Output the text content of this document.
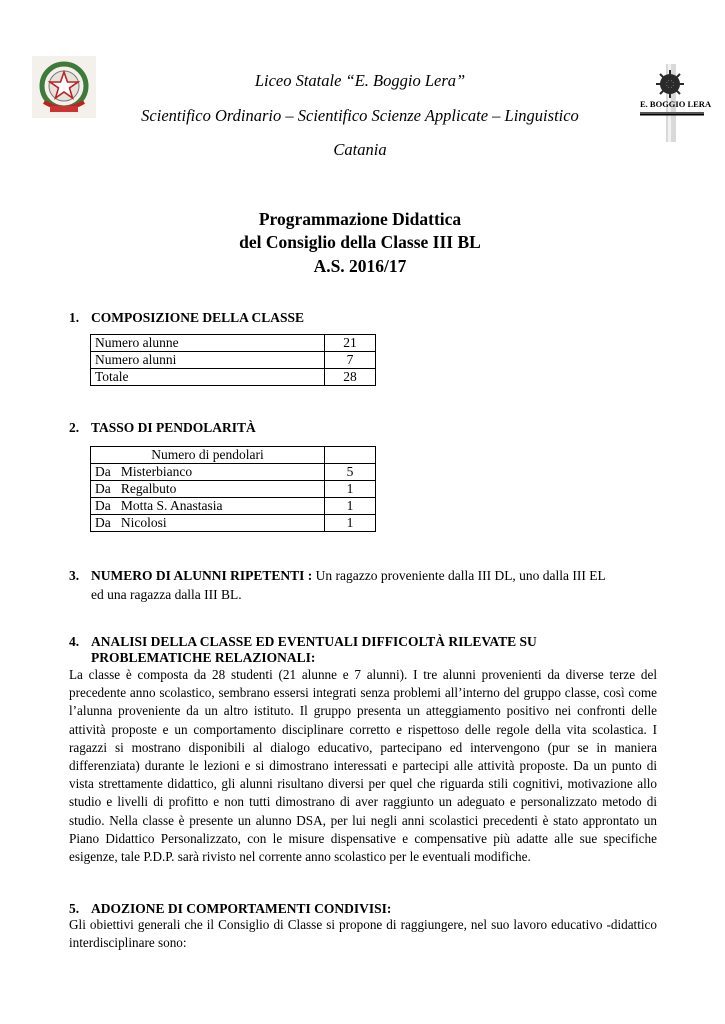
E. BOGGIO LERA
Liceo Statale “E. Boggio Lera”
Scientifico Ordinario – Scientifico Scienze Applicate – Linguistico
Catania
Programmazione Didattica
del Consiglio della Classe III BL
A.S. 2016/17
1. COMPOSIZIONE DELLA CLASSE
Numero alunne	21
Numero alunni	7
Totale	28
2. TASSO DI PENDOLARITÀ
Numero di pendolari	
Da Misterbianco	5
Da Regalbuto	1
Da Motta S. Anastasia	1
Da Nicolosi	1
3. NUMERO DI ALUNNI RIPETENTI : Un ragazzo proveniente dalla III DL, uno dalla III EL
ed una ragazza dalla III BL.
4. ANALISI DELLA CLASSE ED EVENTUALI DIFFICOLTÀ RILEVATE SU
PROBLEMATICHE RELAZIONALI:
La classe è composta da 28 studenti (21 alunne e 7 alunni). I tre alunni provenienti da diverse terze del precedente anno scolastico, sembrano essersi integrati senza problemi all’interno del gruppo classe, così come l’alunna proveniente da un altro istituto. Il gruppo presenta un atteggiamento positivo nei confronti delle attività proposte e un comportamento disciplinare corretto e rispettoso delle regole della vita scolastica. I ragazzi si mostrano disponibili al dialogo educativo, partecipano ed intervengono (pur se in maniera differenziata) durante le lezioni e si dimostrano interessati e partecipi alle attività proposte. Da un punto di vista strettamente didattico, gli alunni risultano diversi per quel che riguarda stili cognitivi, motivazione allo studio e livelli di profitto e non tutti dimostrano di aver raggiunto un adeguato e personalizzato metodo di studio. Nella classe è presente un alunno DSA, per lui negli anni scolastici precedenti è stato approntato un Piano Didattico Personalizzato, con le misure dispensative e compensative più adatte alle sue specifiche esigenze, tale P.D.P. sarà rivisto nel corrente anno scolastico per le eventuali modifiche.
5. ADOZIONE DI COMPORTAMENTI CONDIVISI:
Gli obiettivi generali che il Consiglio di Classe si propone di raggiungere, nel suo lavoro educativo -didattico interdisciplinare sono:
